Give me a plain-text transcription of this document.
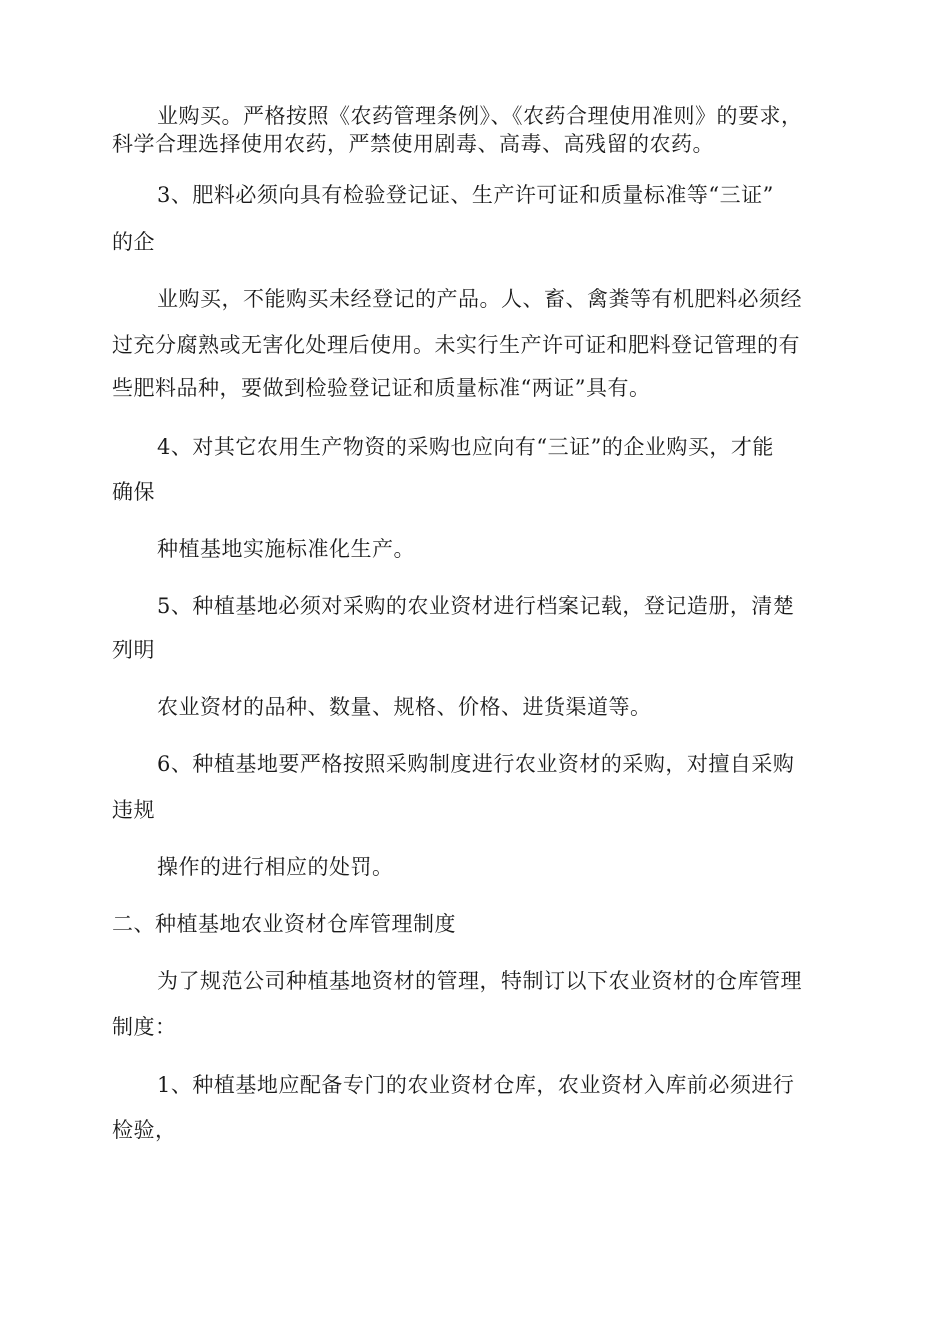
业购买。严格按照《农药管理条例》、《农药合理使用准则》的要求，
科学合理选择使用农药，严禁使用剧毒、高毒、高残留的农药。
3、肥料必须向具有检验登记证、生产许可证和质量标准等“三证”
的企
业购买，不能购买未经登记的产品。人、畜、禽粪等有机肥料必须经
过充分腐熟或无害化处理后使用。未实行生产许可证和肥料登记管理的有
些肥料品种，要做到检验登记证和质量标准“两证”具有。
4、对其它农用生产物资的采购也应向有“三证”的企业购买，才能
确保
种植基地实施标准化生产。
5、种植基地必须对采购的农业资材进行档案记载，登记造册，清楚
列明
农业资材的品种、数量、规格、价格、进货渠道等。
6、种植基地要严格按照采购制度进行农业资材的采购，对擅自采购
违规
操作的进行相应的处罚。
二、种植基地农业资材仓库管理制度
为了规范公司种植基地资材的管理，特制订以下农业资材的仓库管理
制度：
1、种植基地应配备专门的农业资材仓库，农业资材入库前必须进行
检验，
